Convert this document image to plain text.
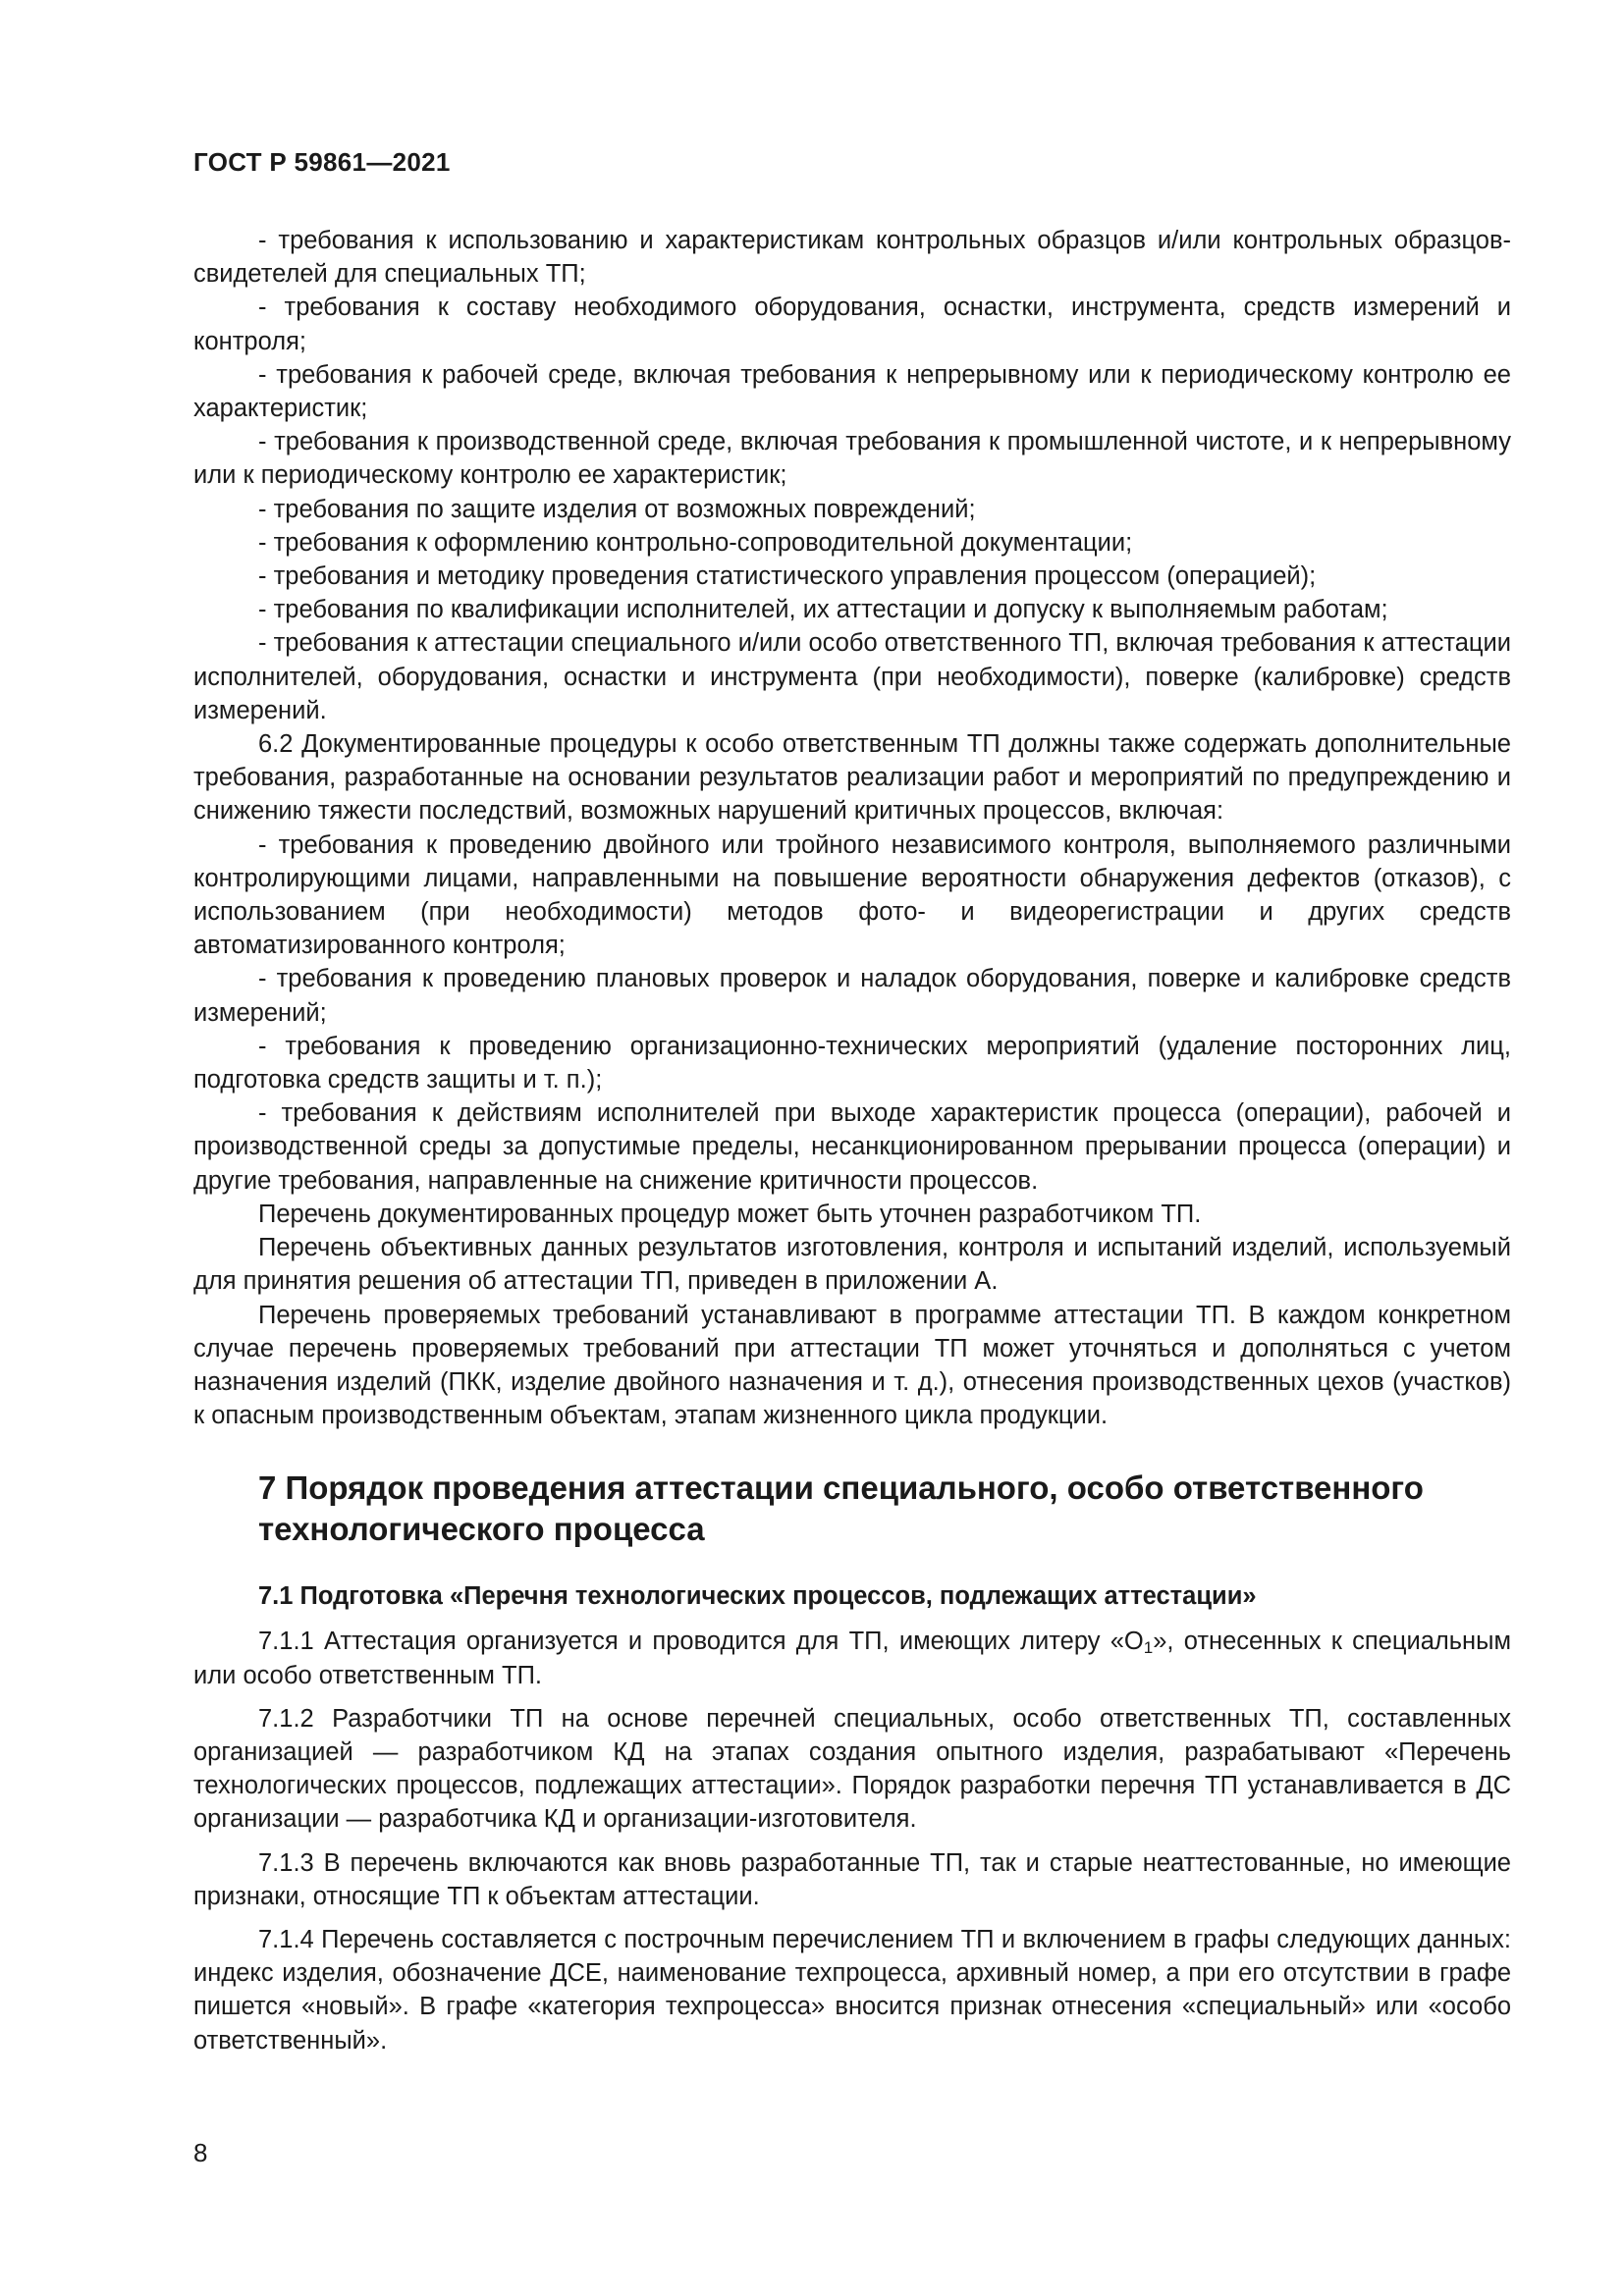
ГОСТ Р 59861—2021

- требования к использованию и характеристикам контрольных образцов и/или контрольных образцов-свидетелей для специальных ТП;

- требования к составу необходимого оборудования, оснастки, инструмента, средств измерений и контроля;

- требования к рабочей среде, включая требования к непрерывному или к периодическому контролю ее характеристик;

- требования к производственной среде, включая требования к промышленной чистоте, и к непрерывному или к периодическому контролю ее характеристик;

- требования по защите изделия от возможных повреждений;

- требования к оформлению контрольно-сопроводительной документации;

- требования и методику проведения статистического управления процессом (операцией);

- требования по квалификации исполнителей, их аттестации и допуску к выполняемым работам;

- требования к аттестации специального и/или особо ответственного ТП, включая требования к аттестации исполнителей, оборудования, оснастки и инструмента (при необходимости), поверке (калибровке) средств измерений.

6.2 Документированные процедуры к особо ответственным ТП должны также содержать дополнительные требования, разработанные на основании результатов реализации работ и мероприятий по предупреждению и снижению тяжести последствий, возможных нарушений критичных процессов, включая:

- требования к проведению двойного или тройного независимого контроля, выполняемого различными контролирующими лицами, направленными на повышение вероятности обнаружения дефектов (отказов), с использованием (при необходимости) методов фото- и видеорегистрации и других средств автоматизированного контроля;

- требования к проведению плановых проверок и наладок оборудования, поверке и калибровке средств измерений;

- требования к проведению организационно-технических мероприятий (удаление посторонних лиц, подготовка средств защиты и т. п.);

- требования к действиям исполнителей при выходе характеристик процесса (операции), рабочей и производственной среды за допустимые пределы, несанкционированном прерывании процесса (операции) и другие требования, направленные на снижение критичности процессов.

Перечень документированных процедур может быть уточнен разработчиком ТП.

Перечень объективных данных результатов изготовления, контроля и испытаний изделий, используемый для принятия решения об аттестации ТП, приведен в приложении А.

Перечень проверяемых требований устанавливают в программе аттестации ТП. В каждом конкретном случае перечень проверяемых требований при аттестации ТП может уточняться и дополняться с учетом назначения изделий (ПКК, изделие двойного назначения и т. д.), отнесения производственных цехов (участков) к опасным производственным объектам, этапам жизненного цикла продукции.

7 Порядок проведения аттестации специального, особо ответственного технологического процесса
7.1 Подготовка «Перечня технологических процессов, подлежащих аттестации»

7.1.1 Аттестация организуется и проводится для ТП, имеющих литеру «$О_1$», отнесенных к специальным или особо ответственным ТП.

7.1.2 Разработчики ТП на основе перечней специальных, особо ответственных ТП, составленных организацией — разработчиком КД на этапах создания опытного изделия, разрабатывают «Перечень технологических процессов, подлежащих аттестации». Порядок разработки перечня ТП устанавливается в ДС организации — разработчика КД и организации-изготовителя.

7.1.3 В перечень включаются как вновь разработанные ТП, так и старые неаттестованные, но имеющие признаки, относящие ТП к объектам аттестации.

7.1.4 Перечень составляется с построчным перечислением ТП и включением в графы следующих данных: индекс изделия, обозначение ДСЕ, наименование техпроцесса, архивный номер, а при его отсутствии в графе пишется «новый». В графе «категория техпроцесса» вносится признак отнесения «специальный» или «особо ответственный».

8
